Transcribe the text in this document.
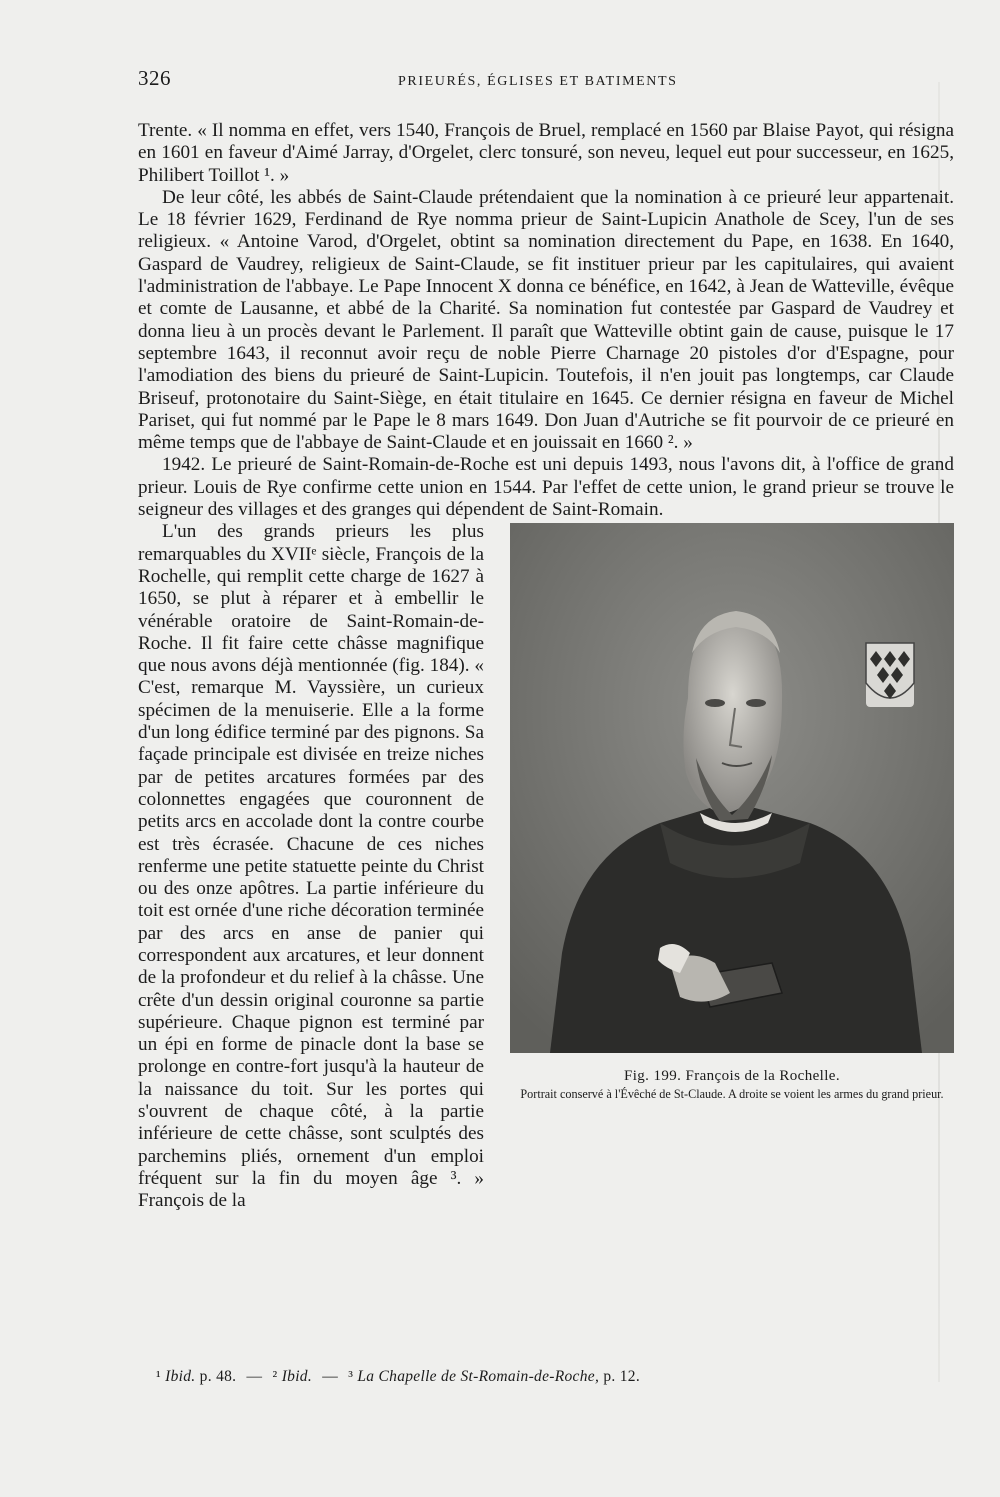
326	PRIEURÉS, ÉGLISES ET BATIMENTS

Trente. « Il nomma en effet, vers 1540, François de Bruel, remplacé en 1560 par Blaise Payot, qui résigna en 1601 en faveur d'Aimé Jarray, d'Orgelet, clerc tonsuré, son neveu, lequel eut pour successeur, en 1625, Philibert Toillot ¹. »

De leur côté, les abbés de Saint-Claude prétendaient que la nomination à ce prieuré leur appartenait. Le 18 février 1629, Ferdinand de Rye nomma prieur de Saint-Lupicin Anathole de Scey, l'un de ses religieux. « Antoine Varod, d'Orgelet, obtint sa nomination directement du Pape, en 1638. En 1640, Gaspard de Vaudrey, religieux de Saint-Claude, se fit instituer prieur par les capitulaires, qui avaient l'administration de l'abbaye. Le Pape Innocent X donna ce bénéfice, en 1642, à Jean de Watteville, évêque et comte de Lausanne, et abbé de la Charité. Sa nomination fut contestée par Gaspard de Vaudrey et donna lieu à un procès devant le Parlement. Il paraît que Watteville obtint gain de cause, puisque le 17 septembre 1643, il reconnut avoir reçu de noble Pierre Charnage 20 pistoles d'or d'Espagne, pour l'amodiation des biens du prieuré de Saint-Lupicin. Toutefois, il n'en jouit pas longtemps, car Claude Briseuf, protonotaire du Saint-Siège, en était titulaire en 1645. Ce dernier résigna en faveur de Michel Pariset, qui fut nommé par le Pape le 8 mars 1649. Don Juan d'Autriche se fit pourvoir de ce prieuré en même temps que de l'abbaye de Saint-Claude et en jouissait en 1660 ². »

1942. Le prieuré de Saint-Romain-de-Roche est uni depuis 1493, nous l'avons dit, à l'office de grand prieur. Louis de Rye confirme cette union en 1544. Par l'effet de cette union, le grand prieur se trouve le seigneur des villages et des granges qui dépendent de Saint-Romain.

Fig. 199. François de la Rochelle.
Portrait conservé à l'Évêché de St-Claude. A droite se voient les armes du grand prieur.

L'un des grands prieurs les plus remarquables du XVIIᵉ siècle, François de la Rochelle, qui remplit cette charge de 1627 à 1650, se plut à réparer et à embellir le vénérable oratoire de Saint-Romain-de-Roche. Il fit faire cette châsse magnifique que nous avons déjà mentionnée (fig. 184). « C'est, remarque M. Vayssière, un curieux spécimen de la menuiserie. Elle a la forme d'un long édifice terminé par des pignons. Sa façade principale est divisée en treize niches par de petites arcatures formées par des colonnettes engagées que couronnent de petits arcs en accolade dont la contre courbe est très écrasée. Chacune de ces niches renferme une petite statuette peinte du Christ ou des onze apôtres. La partie inférieure du toit est ornée d'une riche décoration terminée par des arcs en anse de panier qui correspondent aux arcatures, et leur donnent de la profondeur et du relief à la châsse. Une crête d'un dessin original couronne sa partie supérieure. Chaque pignon est terminé par un épi en forme de pinacle dont la base se prolonge en contre-fort jusqu'à la hauteur de la naissance du toit. Sur les portes qui s'ouvrent de chaque côté, à la partie inférieure de cette châsse, sont sculptés des parchemins pliés, ornement d'un emploi fréquent sur la fin du moyen âge ³. » François de la

¹ Ibid. p. 48. — ² Ibid. — ³ La Chapelle de St-Romain-de-Roche, p. 12.
